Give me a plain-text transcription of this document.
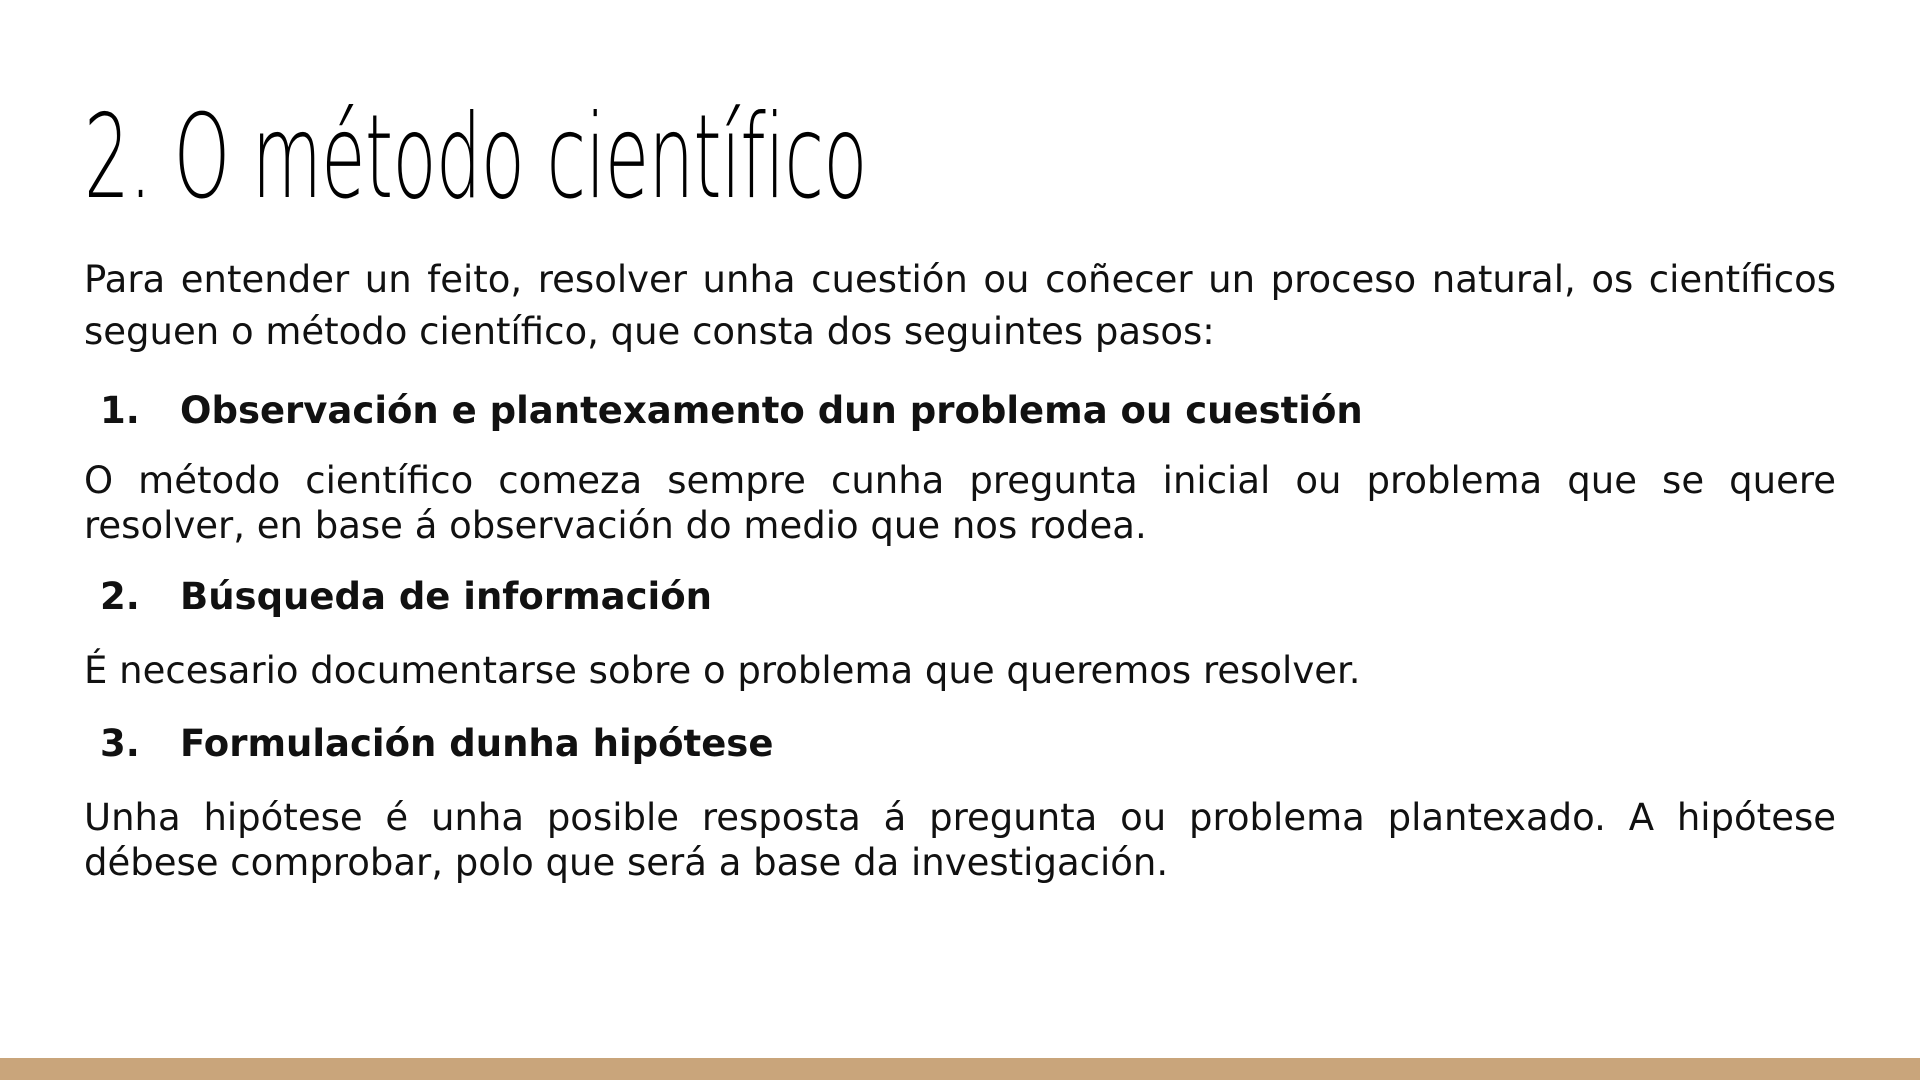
2. O método científico

Para entender un feito, resolver unha cuestión ou coñecer un proceso natural, os científicos seguen o método científico, que consta dos seguintes pasos:

1.	Observación e plantexamento dun problema ou cuestión

O método científico comeza sempre cunha pregunta inicial ou problema que se quere resolver, en base á observación do medio que nos rodea.

2.	Búsqueda de información

É necesario documentarse sobre o problema que queremos resolver.

3.	Formulación dunha hipótese

Unha hipótese é unha posible resposta á pregunta ou problema plantexado. A hipótese débese comprobar, polo que será a base da investigación.
